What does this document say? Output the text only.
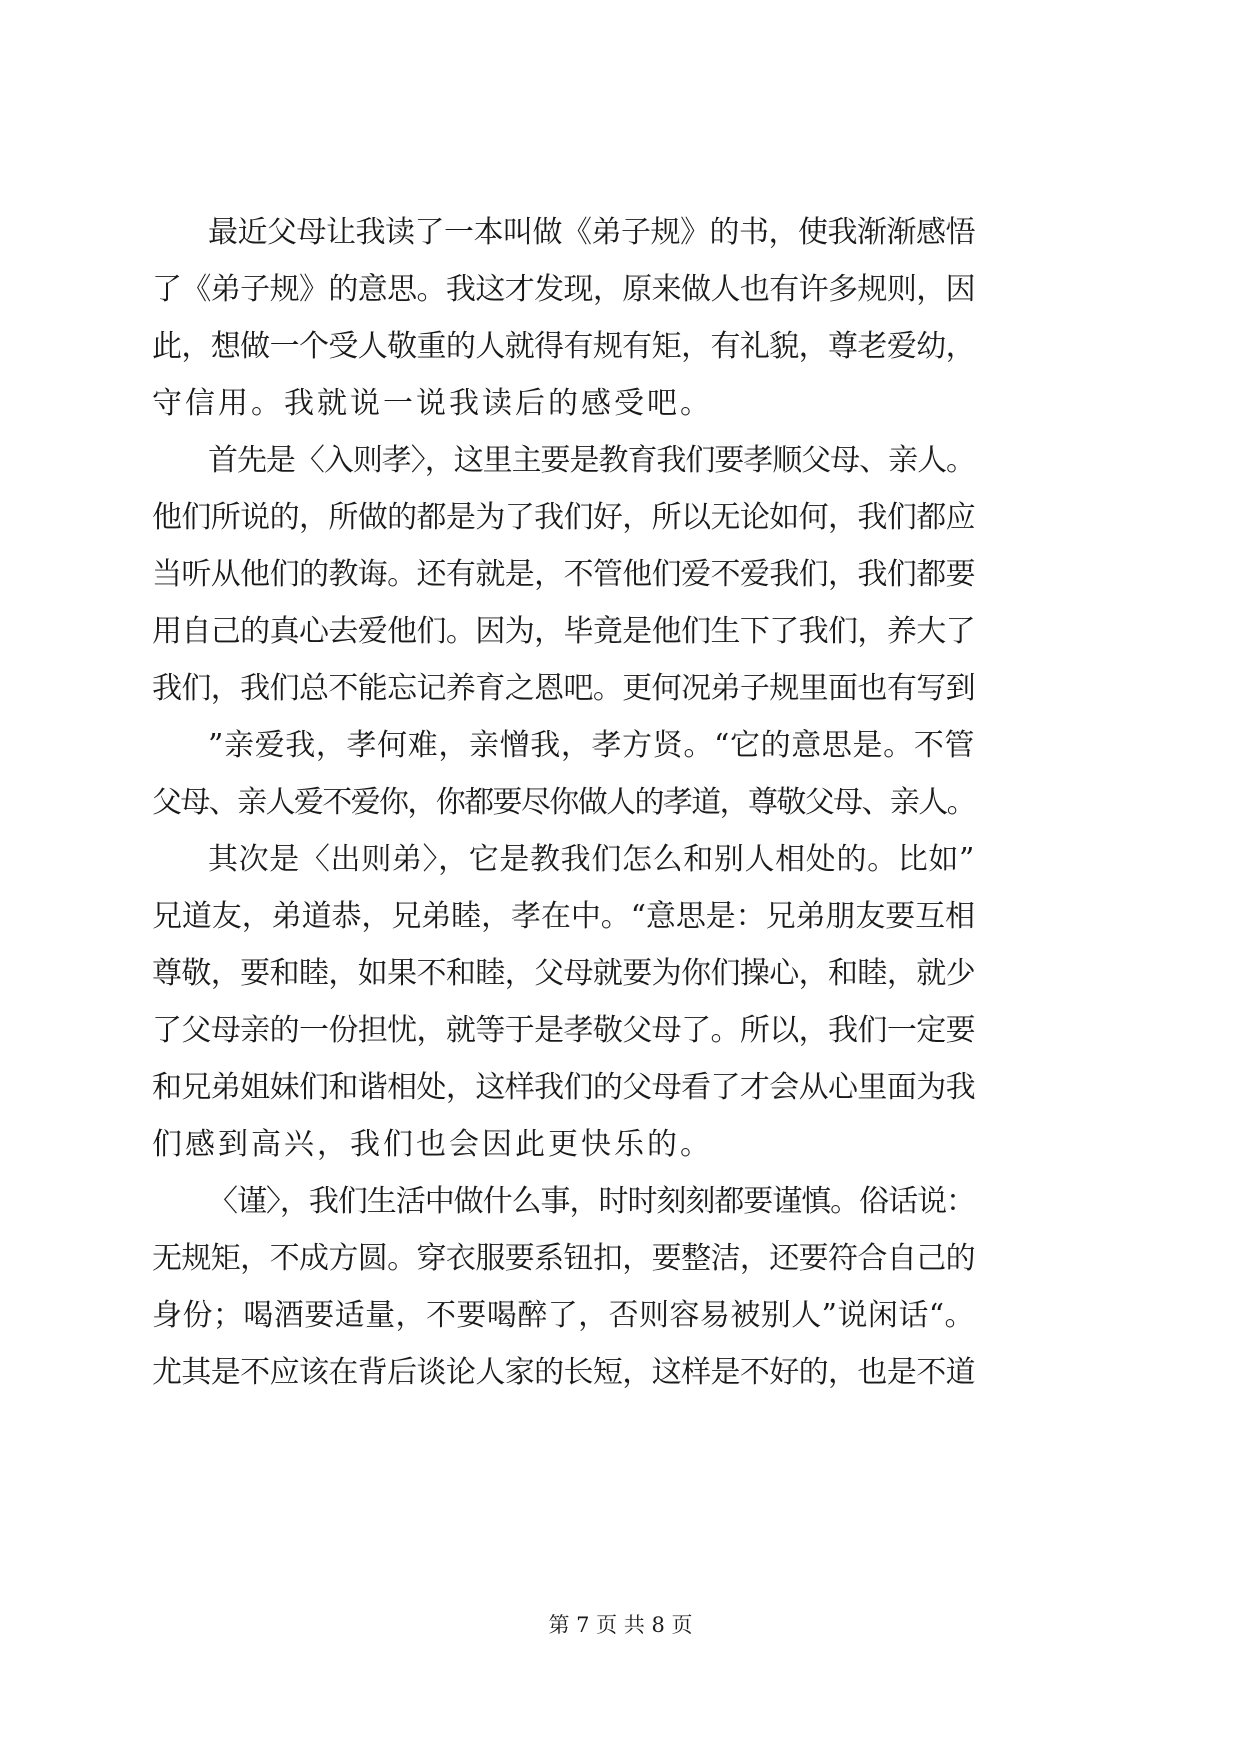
最近父母让我读了一本叫做《弟子规》的书，使我渐渐感悟
了《弟子规》的意思。我这才发现，原来做人也有许多规则，因
此，想做一个受人敬重的人就得有规有矩，有礼貌，尊老爱幼，
守信用。我就说一说我读后的感受吧。
首先是〈入则孝〉，这里主要是教育我们要孝顺父母、亲人。
他们所说的，所做的都是为了我们好，所以无论如何，我们都应
当听从他们的教诲。还有就是，不管他们爱不爱我们，我们都要
用自己的真心去爱他们。因为，毕竟是他们生下了我们，养大了
我们，我们总不能忘记养育之恩吧。更何况弟子规里面也有写到
”亲爱我，孝何难，亲憎我，孝方贤。“它的意思是。不管
父母、亲人爱不爱你，你都要尽你做人的孝道，尊敬父母、亲人。
其次是〈出则弟〉，它是教我们怎么和别人相处的。比如”
兄道友，弟道恭，兄弟睦，孝在中。“意思是：兄弟朋友要互相
尊敬，要和睦，如果不和睦，父母就要为你们操心，和睦，就少
了父母亲的一份担忧，就等于是孝敬父母了。所以，我们一定要
和兄弟姐妹们和谐相处，这样我们的父母看了才会从心里面为我
们感到高兴，我们也会因此更快乐的。
〈谨〉，我们生活中做什么事，时时刻刻都要谨慎。俗话说：
无规矩，不成方圆。穿衣服要系钮扣，要整洁，还要符合自己的
身份；喝酒要适量，不要喝醉了，否则容易被别人”说闲话“。
尤其是不应该在背后谈论人家的长短，这样是不好的，也是不道
第 7 页 共 8 页
